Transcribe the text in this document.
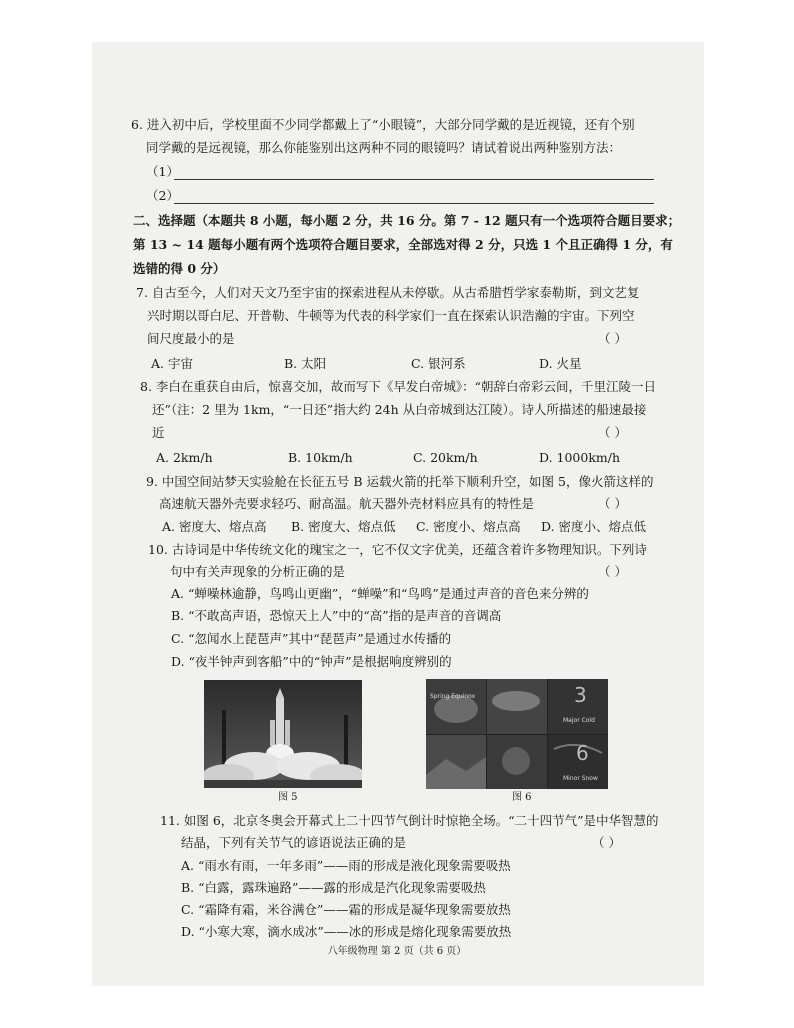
6. 进入初中后，学校里面不少同学都戴上了“小眼镜”，大部分同学戴的是近视镜，还有个别
同学戴的是远视镜，那么你能鉴别出这两种不同的眼镜吗？请试着说出两种鉴别方法：
（1）
（2）
二、选择题（本题共 8 小题，每小题 2 分，共 16 分。第 7 - 12 题只有一个选项符合题目要求；
第 13 ~ 14 题每小题有两个选项符合题目要求，全部选对得 2 分，只选 1 个且正确得 1 分，有
选错的得 0 分）
7. 自古至今，人们对天文乃至宇宙的探索进程从未停歇。从古希腊哲学家泰勒斯，到文艺复
兴时期以哥白尼、开普勒、牛顿等为代表的科学家们一直在探索认识浩瀚的宇宙。下列空
间尺度最小的是	（ ）
A. 宇宙	B. 太阳	C. 银河系	D. 火星
8. 李白在重获自由后，惊喜交加，故而写下《早发白帝城》：“朝辞白帝彩云间，千里江陵一日
还”（注：2 里为 1km，“一日还”指大约 24h 从白帝城到达江陵）。诗人所描述的船速最接
近	（ ）
A. 2km/h	B. 10km/h	C. 20km/h	D. 1000km/h
9. 中国空间站梦天实验舱在长征五号 B 运载火箭的托举下顺利升空，如图 5，像火箭这样的
高速航天器外壳要求轻巧、耐高温。航天器外壳材料应具有的特性是	（ ）
A. 密度大、熔点高 B. 密度大、熔点低 C. 密度小、熔点高 D. 密度小、熔点低
10. 古诗词是中华传统文化的瑰宝之一，它不仅文字优美，还蕴含着许多物理知识。下列诗
句中有关声现象的分析正确的是	（ ）
A. “蝉噪林逾静，鸟鸣山更幽”，“蝉噪”和“鸟鸣”是通过声音的音色来分辨的
B. “不敢高声语，恐惊天上人”中的“高”指的是声音的音调高
C. “忽闻水上琵琶声”其中“琵琶声”是通过水传播的
D. “夜半钟声到客船”中的“钟声”是根据响度辨别的
图 5
3
6
Spring Equinox
Major Cold
Minor Snow
图 6
11. 如图 6，北京冬奥会开幕式上二十四节气倒计时惊艳全场。“二十四节气”是中华智慧的
结晶，下列有关节气的谚语说法正确的是	（ ）
A. “雨水有雨，一年多雨”——雨的形成是液化现象需要吸热
B. “白露，露珠遍路”——露的形成是汽化现象需要吸热
C. “霜降有霜，米谷满仓”——霜的形成是凝华现象需要放热
D. “小寒大寒，滴水成冰”——冰的形成是熔化现象需要放热
八年级物理 第 2 页（共 6 页）
